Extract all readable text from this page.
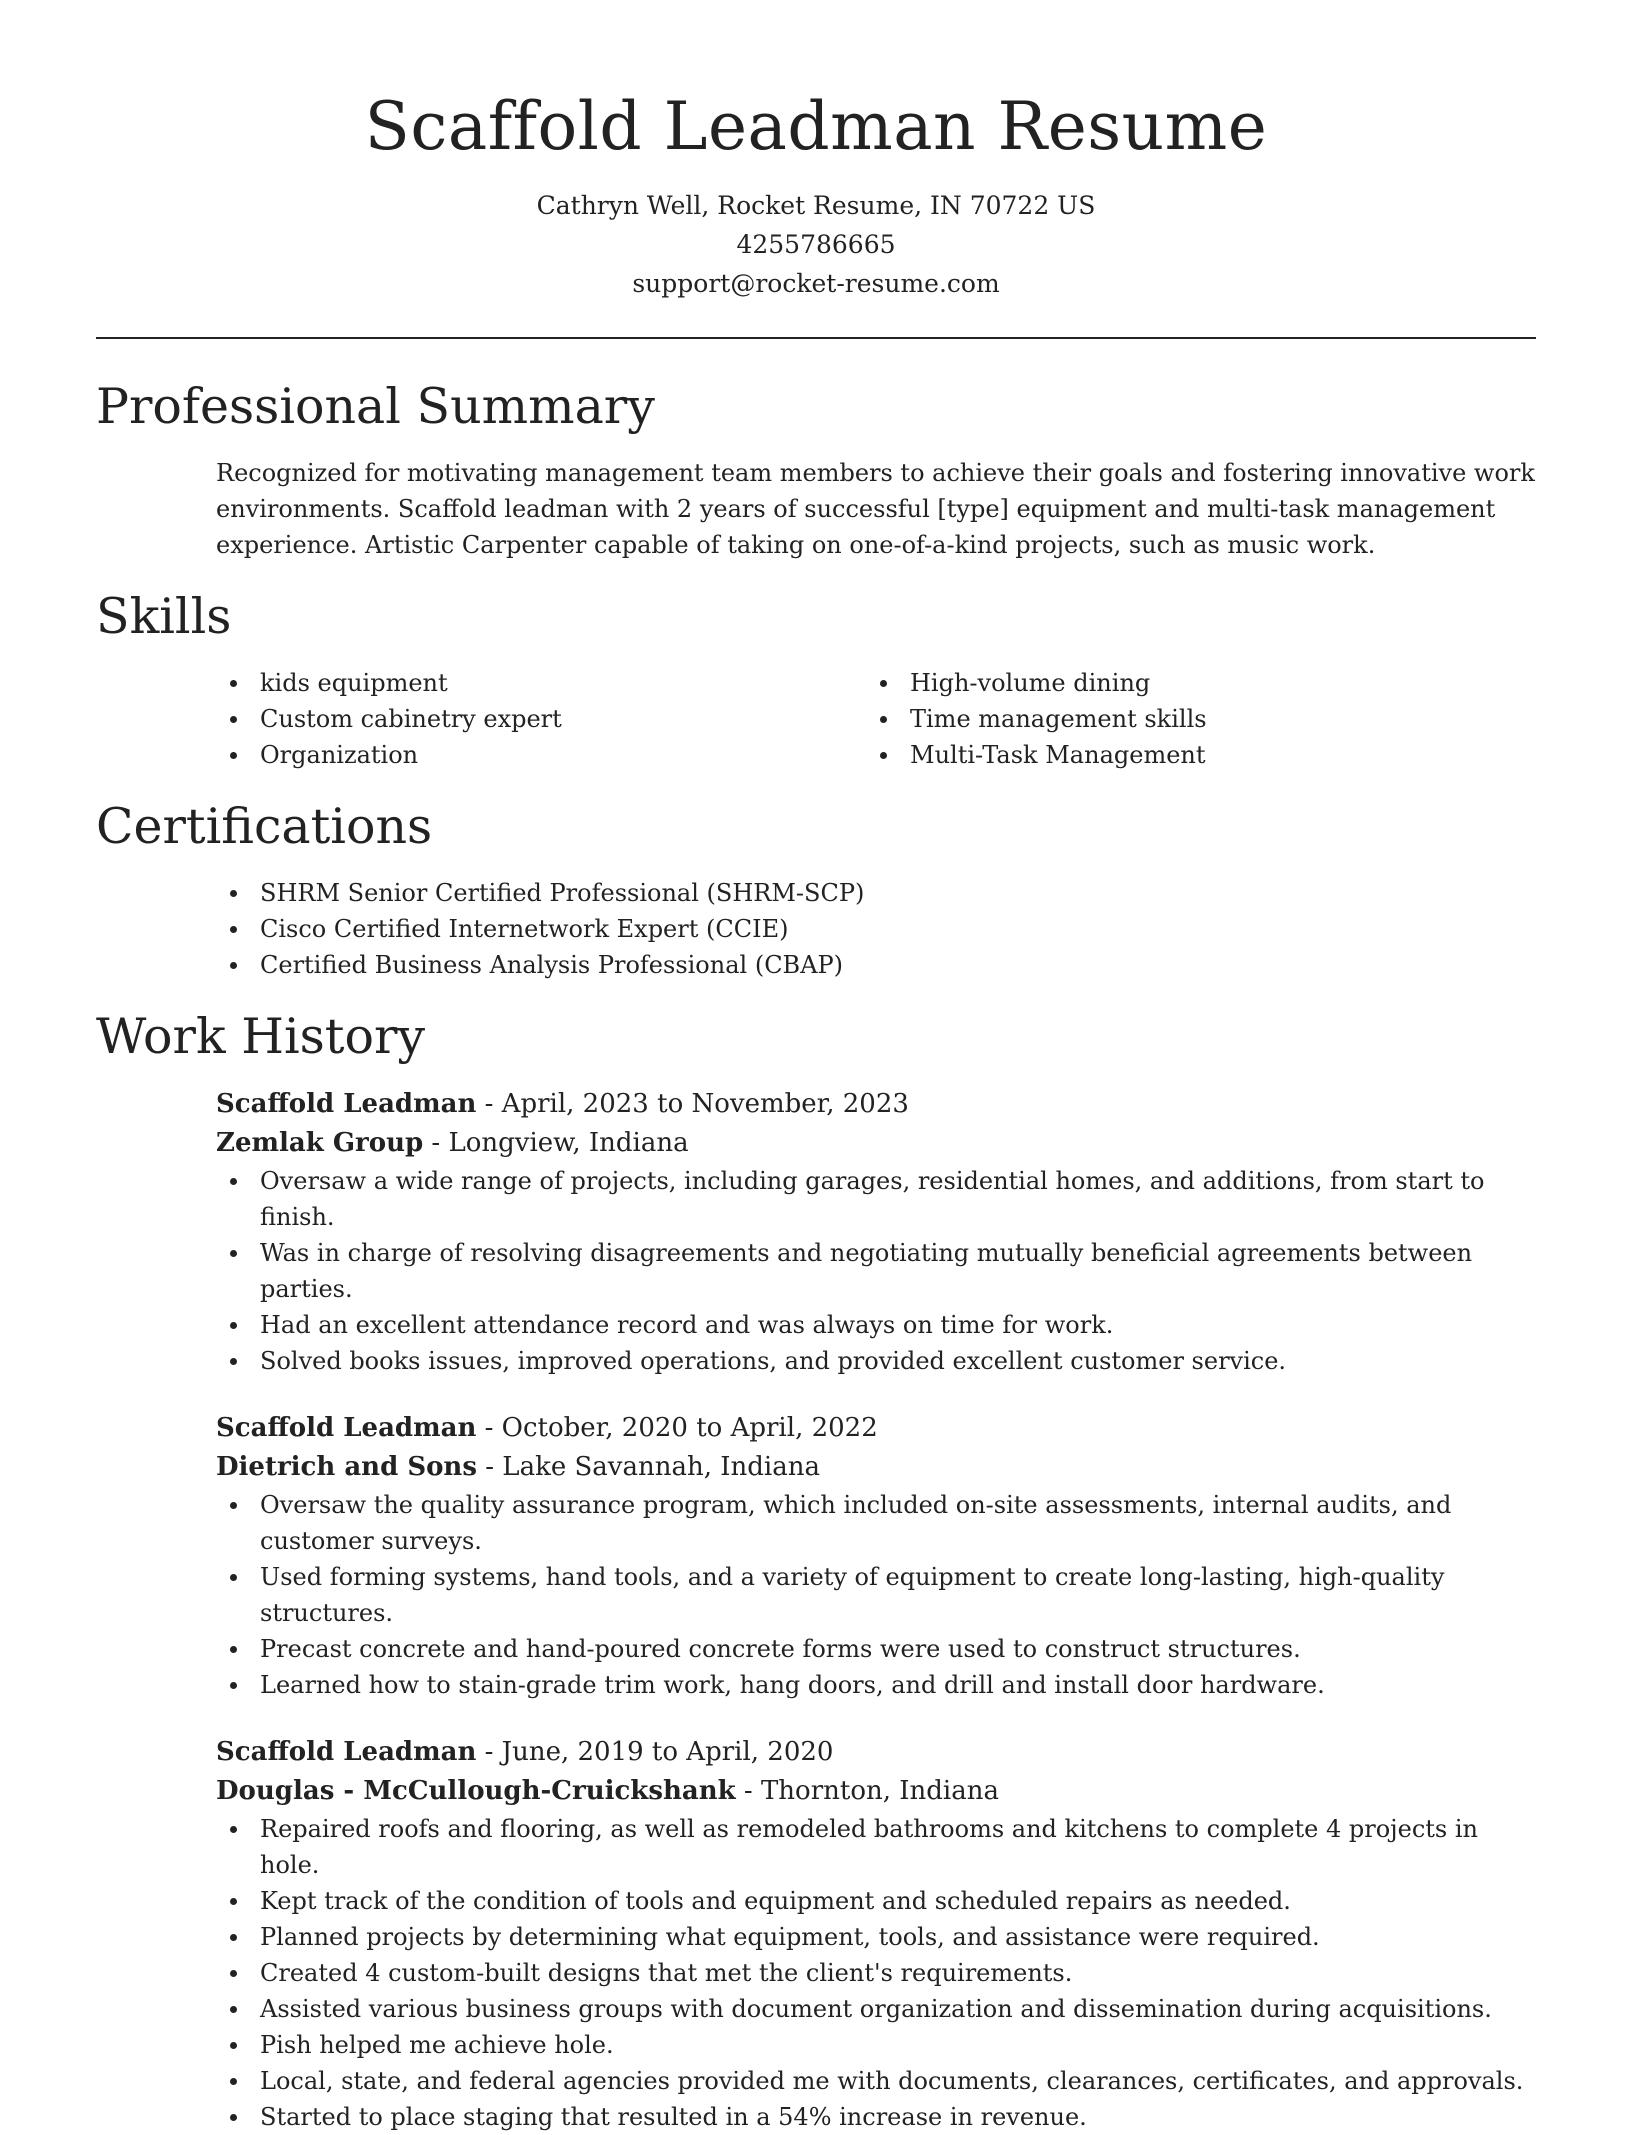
Scaffold Leadman Resume
Cathryn Well, Rocket Resume, IN 70722 US
4255786665
support@rocket-resume.com
Professional Summary

Recognized for motivating management team members to achieve their goals and fostering innovative work environments. Scaffold leadman with 2 years of successful [type] equipment and multi-task management experience. Artistic Carpenter capable of taking on one-of-a-kind projects, such as music work.

Skills
kids equipment
Custom cabinetry expert
Organization
High-volume dining
Time management skills
Multi-Task Management
Certifications
SHRM Senior Certified Professional (SHRM-SCP)
Cisco Certified Internetwork Expert (CCIE)
Certified Business Analysis Professional (CBAP)
Work History
Scaffold Leadman - April, 2023 to November, 2023
Zemlak Group - Longview, Indiana
Oversaw a wide range of projects, including garages, residential homes, and additions, from start to finish.
Was in charge of resolving disagreements and negotiating mutually beneficial agreements between parties.
Had an excellent attendance record and was always on time for work.
Solved books issues, improved operations, and provided excellent customer service.
Scaffold Leadman - October, 2020 to April, 2022
Dietrich and Sons - Lake Savannah, Indiana
Oversaw the quality assurance program, which included on-site assessments, internal audits, and customer surveys.
Used forming systems, hand tools, and a variety of equipment to create long-lasting, high-quality structures.
Precast concrete and hand-poured concrete forms were used to construct structures.
Learned how to stain-grade trim work, hang doors, and drill and install door hardware.
Scaffold Leadman - June, 2019 to April, 2020
Douglas - McCullough-Cruickshank - Thornton, Indiana
Repaired roofs and flooring, as well as remodeled bathrooms and kitchens to complete 4 projects in hole.
Kept track of the condition of tools and equipment and scheduled repairs as needed.
Planned projects by determining what equipment, tools, and assistance were required.
Created 4 custom-built designs that met the client's requirements.
Assisted various business groups with document organization and dissemination during acquisitions.
Pish helped me achieve hole.
Local, state, and federal agencies provided me with documents, clearances, certificates, and approvals.
Started to place staging that resulted in a 54% increase in revenue.
